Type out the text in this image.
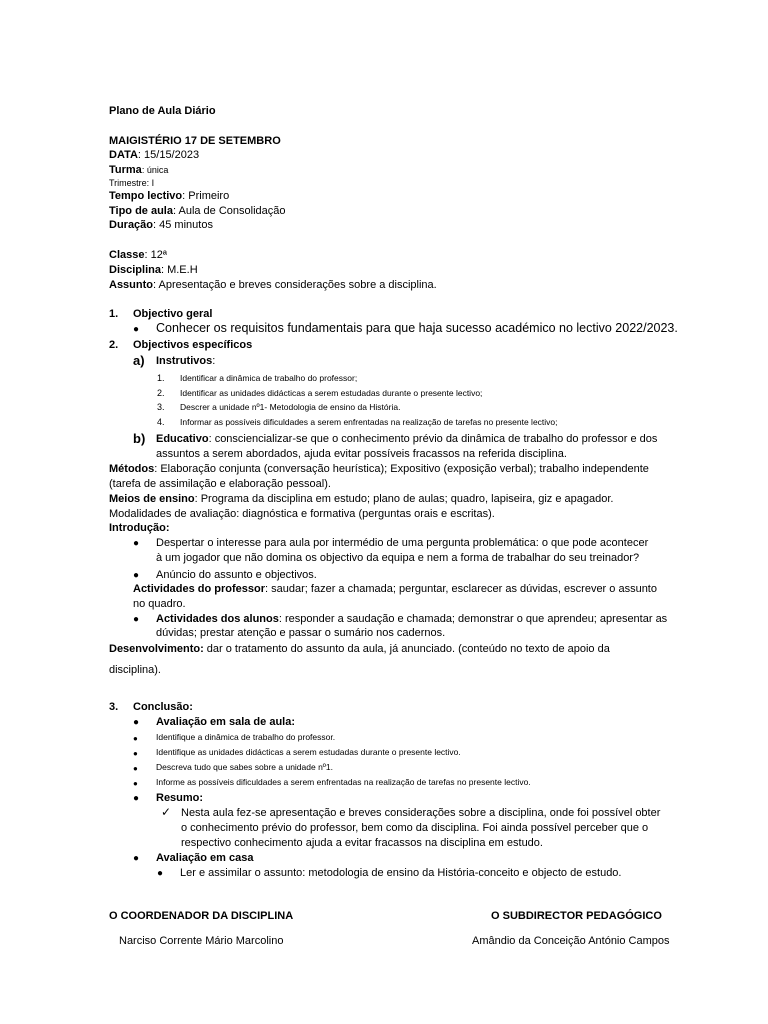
Plano de Aula Diário
MAIGISTÉRIO 17 DE SETEMBRO
DATA: 15/15/2023
Turma: única
Trimestre: I
Tempo lectivo: Primeiro
Tipo de aula: Aula de Consolidação
Duração: 45 minutos
Classe: 12ª
Disciplina: M.E.H
Assunto: Apresentação e breves considerações sobre a disciplina.
1. Objectivo geral
● Conhecer os requisitos fundamentais para que haja sucesso académico no lectivo 2022/2023.
2. Objectivos específicos
a) Instrutivos:
1. Identificar a dinâmica de trabalho do professor;
2. Identificar as unidades didácticas a serem estudadas durante o presente lectivo;
3. Descrer a unidade nº1- Metodologia de ensino da História.
4. Informar as possíveis dificuldades a serem enfrentadas na realização de tarefas no presente lectivo;
b) Educativo: consciencializar-se que o conhecimento prévio da dinâmica de trabalho do professor e dos
assuntos a serem abordados, ajuda evitar possíveis fracassos na referida disciplina.
Métodos: Elaboração conjunta (conversação heurística); Expositivo (exposição verbal); trabalho independente
(tarefa de assimilação e elaboração pessoal).
Meios de ensino: Programa da disciplina em estudo; plano de aulas; quadro, lapiseira, giz e apagador.
Modalidades de avaliação: diagnóstica e formativa (perguntas orais e escritas).
Introdução:
● Despertar o interesse para aula por intermédio de uma pergunta problemática: o que pode acontecer
à um jogador que não domina os objectivo da equipa e nem a forma de trabalhar do seu treinador?
● Anúncio do assunto e objectivos.
Actividades do professor: saudar; fazer a chamada; perguntar, esclarecer as dúvidas, escrever o assunto
no quadro.
● Actividades dos alunos: responder a saudação e chamada; demonstrar o que aprendeu; apresentar as
dúvidas; prestar atenção e passar o sumário nos cadernos.
Desenvolvimento: dar o tratamento do assunto da aula, já anunciado. (conteúdo no texto de apoio da
disciplina).
3. Conclusão:
● Avaliação em sala de aula:
● Identifique a dinâmica de trabalho do professor.
● Identifique as unidades didácticas a serem estudadas durante o presente lectivo.
● Descreva tudo que sabes sobre a unidade nº1.
● Informe as possíveis dificuldades a serem enfrentadas na realização de tarefas no presente lectivo.
● Resumo:
✓ Nesta aula fez-se apresentação e breves considerações sobre a disciplina, onde foi possível obter
o conhecimento prévio do professor, bem como da disciplina. Foi ainda possível perceber que o
respectivo conhecimento ajuda a evitar fracassos na disciplina em estudo.
● Avaliação em casa
● Ler e assimilar o assunto: metodologia de ensino da História-conceito e objecto de estudo.
O COORDENADOR DA DISCIPLINA
Narciso Corrente Mário Marcolino
O SUBDIRECTOR PEDAGÓGICO
Amândio da Conceição António Campos
